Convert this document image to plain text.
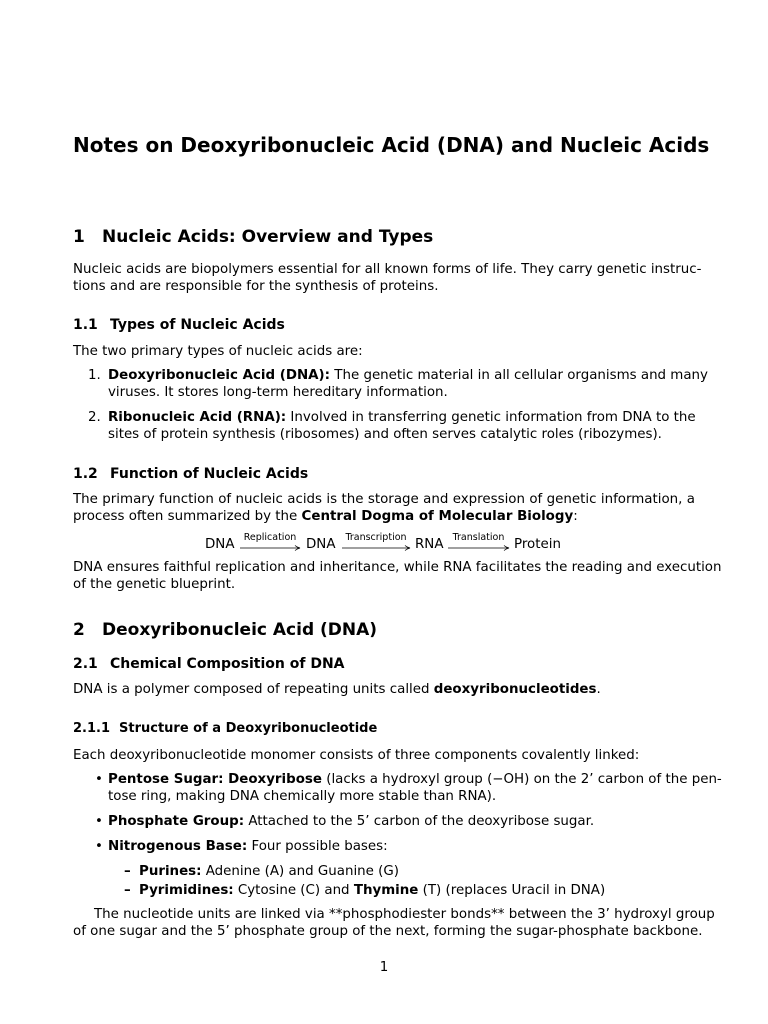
Notes on Deoxyribonucleic Acid (DNA) and Nucleic Acids
1 Nucleic Acids: Overview and Types

Nucleic acids are biopolymers essential for all known forms of life. They carry genetic instruc-
tions and are responsible for the synthesis of proteins.

1.1 Types of Nucleic Acids

The two primary types of nucleic acids are:

1. Deoxyribonucleic Acid (DNA): The genetic material in all cellular organisms and many
viruses. It stores long-term hereditary information.
2. Ribonucleic Acid (RNA): Involved in transferring genetic information from DNA to the
sites of protein synthesis (ribosomes) and often serves catalytic roles (ribozymes).
1.2 Function of Nucleic Acids

The primary function of nucleic acids is the storage and expression of genetic information, a
process often summarized by the Central Dogma of Molecular Biology:

DNA Replication DNA	Transcription RNA Translation Protein

DNA ensures faithful replication and inheritance, while RNA facilitates the reading and execution
of the genetic blueprint.

2 Deoxyribonucleic Acid (DNA)
2.1 Chemical Composition of DNA

DNA is a polymer composed of repeating units called deoxyribonucleotides.

2.1.1 Structure of a Deoxyribonucleotide

Each deoxyribonucleotide monomer consists of three components covalently linked:

• Pentose Sugar: Deoxyribose (lacks a hydroxyl group (−OH) on the 2’ carbon of the pen-
tose ring, making DNA chemically more stable than RNA).
• Phosphate Group: Attached to the 5’ carbon of the deoxyribose sugar.
• Nitrogenous Base: Four possible bases:
– Purines: Adenine (A) and Guanine (G)
– Pyrimidines: Cytosine (C) and Thymine (T) (replaces Uracil in DNA)

The nucleotide units are linked via **phosphodiester bonds** between the 3’ hydroxyl group
of one sugar and the 5’ phosphate group of the next, forming the sugar-phosphate backbone.

1
